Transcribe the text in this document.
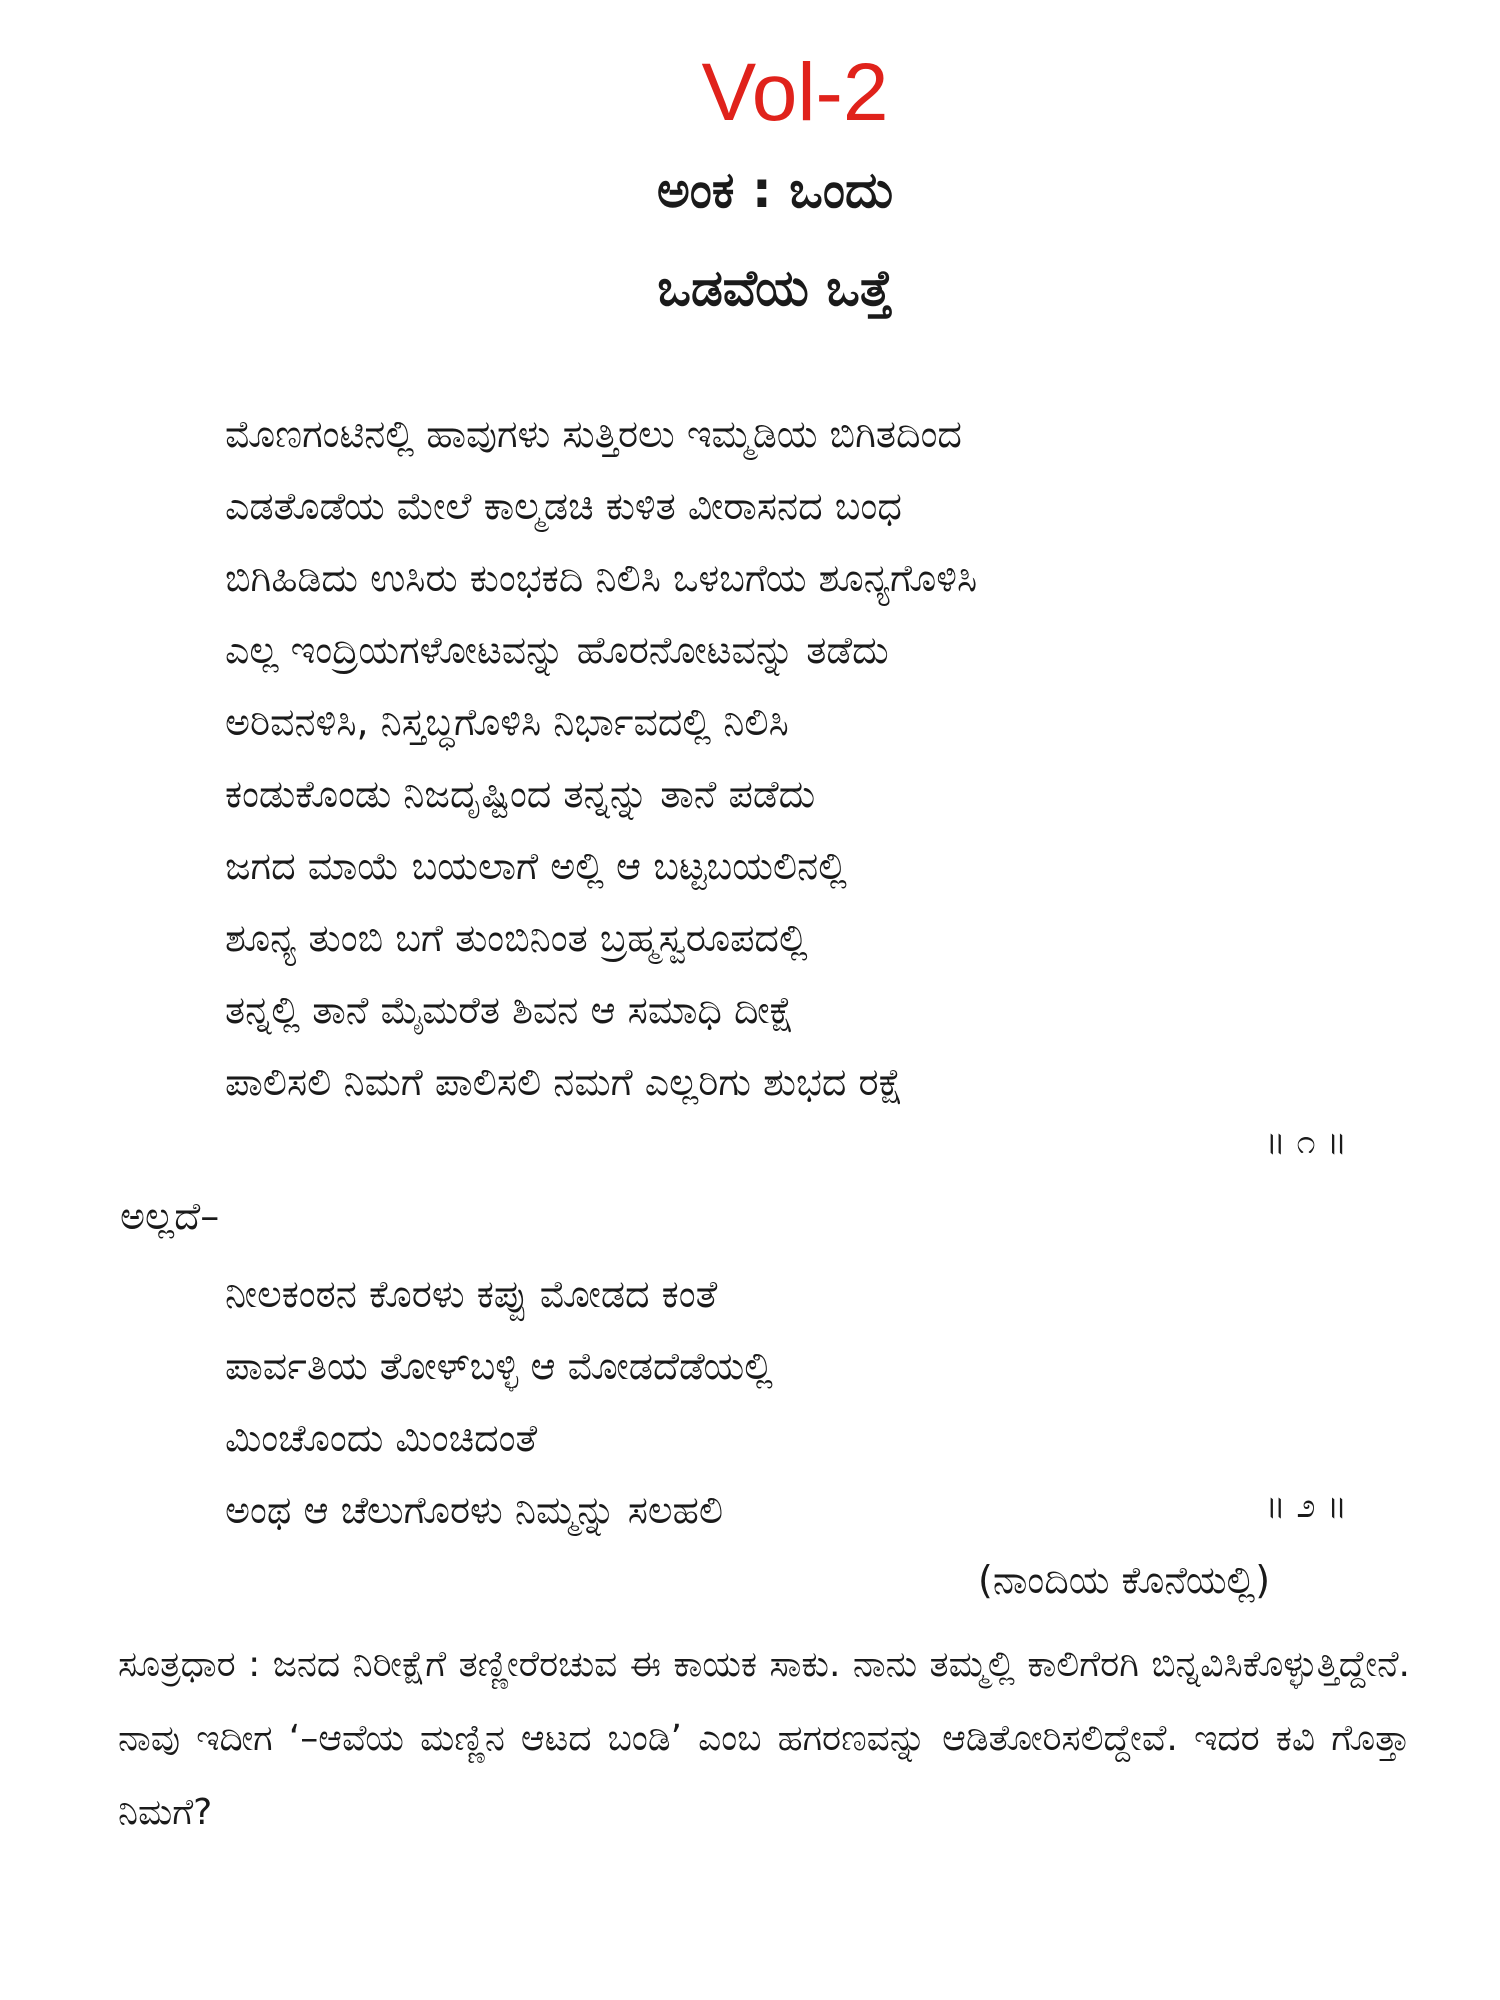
Vol-2
ಅಂಕ : ಒಂದು
ಒಡವೆಯ ಒತ್ತೆ
ಮೊಣಗಂಟಿನಲ್ಲಿ ಹಾವುಗಳು ಸುತ್ತಿರಲು ಇಮ್ಮಡಿಯ ಬಿಗಿತದಿಂದ
ಎಡತೊಡೆಯ ಮೇಲೆ ಕಾಲ್ಮಡಚಿ ಕುಳಿತ ವೀರಾಸನದ ಬಂಧ
ಬಿಗಿಹಿಡಿದು ಉಸಿರು ಕುಂಭಕದಿ ನಿಲಿಸಿ ಒಳಬಗೆಯ ಶೂನ್ಯಗೊಳಿಸಿ
ಎಲ್ಲ ಇಂದ್ರಿಯಗಳೋಟವನ್ನು ಹೊರನೋಟವನ್ನು ತಡೆದು
ಅರಿವನಳಿಸಿ, ನಿಸ್ತಬ್ಧಗೊಳಿಸಿ ನಿರ್ಭಾವದಲ್ಲಿ ನಿಲಿಸಿ
ಕಂಡುಕೊಂಡು ನಿಜದೃಷ್ಟಿಂದ ತನ್ನನ್ನು ತಾನೆ ಪಡೆದು
ಜಗದ ಮಾಯೆ ಬಯಲಾಗೆ ಅಲ್ಲಿ ಆ ಬಟ್ಟಬಯಲಿನಲ್ಲಿ
ಶೂನ್ಯ ತುಂಬಿ ಬಗೆ ತುಂಬಿನಿಂತ ಬ್ರಹ್ಮಸ್ವರೂಪದಲ್ಲಿ
ತನ್ನಲ್ಲಿ ತಾನೆ ಮೈಮರೆತ ಶಿವನ ಆ ಸಮಾಧಿ ದೀಕ್ಷೆ
ಪಾಲಿಸಲಿ ನಿಮಗೆ ಪಾಲಿಸಲಿ ನಮಗೆ ಎಲ್ಲರಿಗು ಶುಭದ ರಕ್ಷೆ
॥ ೧ ॥
ಅಲ್ಲದೆ–
ನೀಲಕಂಠನ ಕೊರಳು ಕಪ್ಪು ಮೋಡದ ಕಂತೆ
ಪಾರ್ವತಿಯ ತೋಳ್‌ಬಳ್ಳಿ ಆ ಮೋಡದೆಡೆಯಲ್ಲಿ
ಮಿಂಚೊಂದು ಮಿಂಚಿದಂತೆ
ಅಂಥ ಆ ಚೆಲುಗೊರಳು ನಿಮ್ಮನ್ನು ಸಲಹಲಿ	॥ ೨ ॥
(ನಾಂದಿಯ ಕೊನೆಯಲ್ಲಿ)
ಸೂತ್ರಧಾರ : ಜನದ ನಿರೀಕ್ಷೆಗೆ ತಣ್ಣೀರೆರಚುವ ಈ ಕಾಯಕ ಸಾಕು. ನಾನು ತಮ್ಮಲ್ಲಿ ಕಾಲಿಗೆರಗಿ ಬಿನ್ನವಿಸಿಕೊಳ್ಳುತ್ತಿದ್ದೇನೆ. ನಾವು ಇದೀಗ ‘–ಆವೆಯ ಮಣ್ಣಿನ ಆಟದ ಬಂಡಿ’ ಎಂಬ ಹಗರಣವನ್ನು ಆಡಿತೋರಿಸಲಿದ್ದೇವೆ. ಇದರ ಕವಿ ಗೊತ್ತಾ ನಿಮಗೆ?
